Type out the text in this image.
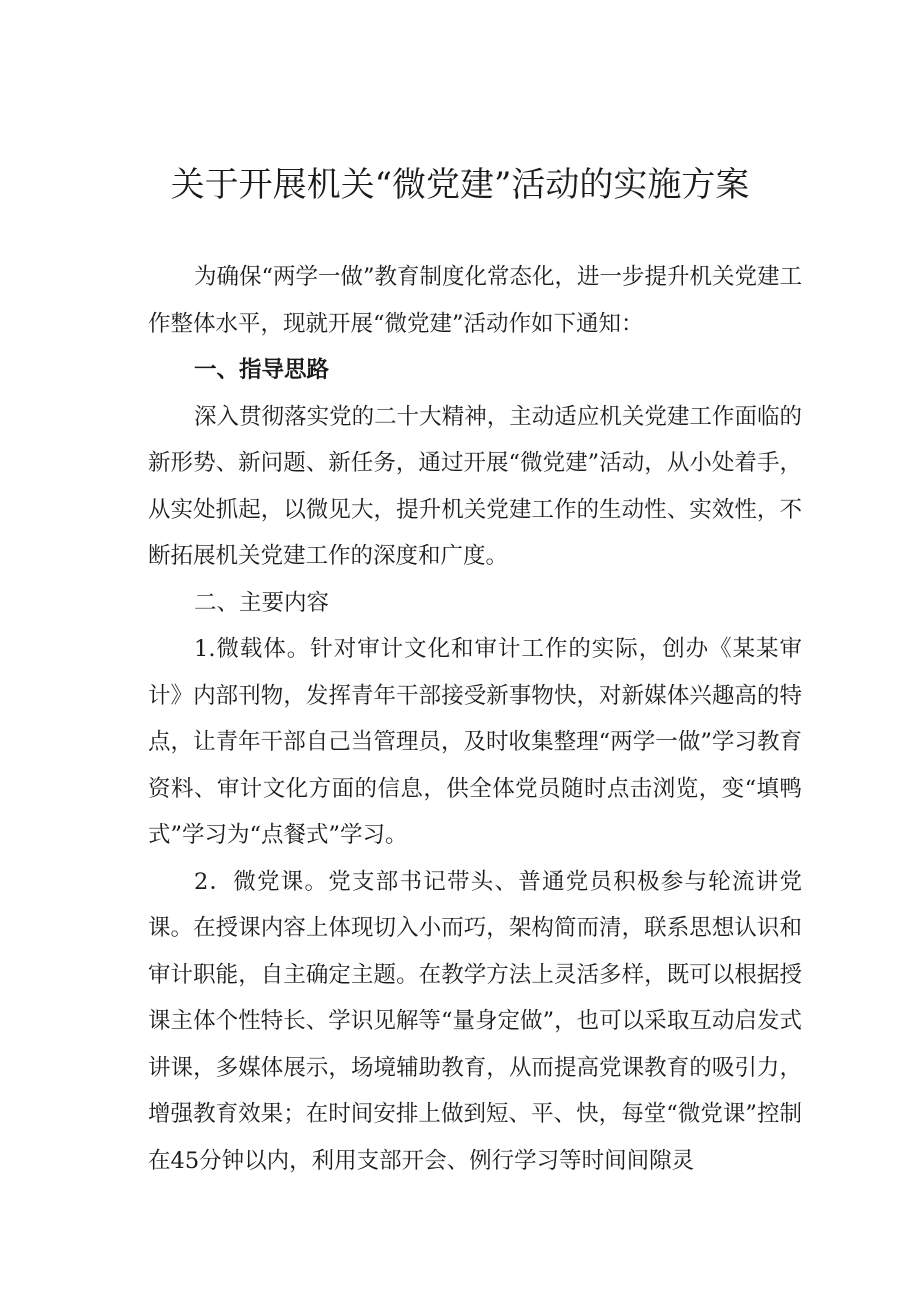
关于开展机关“微党建”活动的实施方案

为确保“两学一做”教育制度化常态化，进一步提升机关党建工作整体水平，现就开展“微党建”活动作如下通知：

一、指导思路

深入贯彻落实党的二十大精神，主动适应机关党建工作面临的新形势、新问题、新任务，通过开展“微党建”活动，从小处着手，从实处抓起，以微见大，提升机关党建工作的生动性、实效性，不断拓展机关党建工作的深度和广度。

二、主要内容

1.微载体。针对审计文化和审计工作的实际，创办《某某审计》内部刊物，发挥青年干部接受新事物快，对新媒体兴趣高的特点，让青年干部自己当管理员，及时收集整理“两学一做”学习教育资料、审计文化方面的信息，供全体党员随时点击浏览，变“填鸭式”学习为“点餐式”学习。

2．微党课。党支部书记带头、普通党员积极参与轮流讲党课。在授课内容上体现切入小而巧，架构简而清，联系思想认识和审计职能，自主确定主题。在教学方法上灵活多样，既可以根据授课主体个性特长、学识见解等“量身定做”，也可以采取互动启发式讲课，多媒体展示，场境辅助教育，从而提高党课教育的吸引力，增强教育效果；在时间安排上做到短、平、快，每堂“微党课”控制在45分钟以内，利用支部开会、例行学习等时间间隙灵
